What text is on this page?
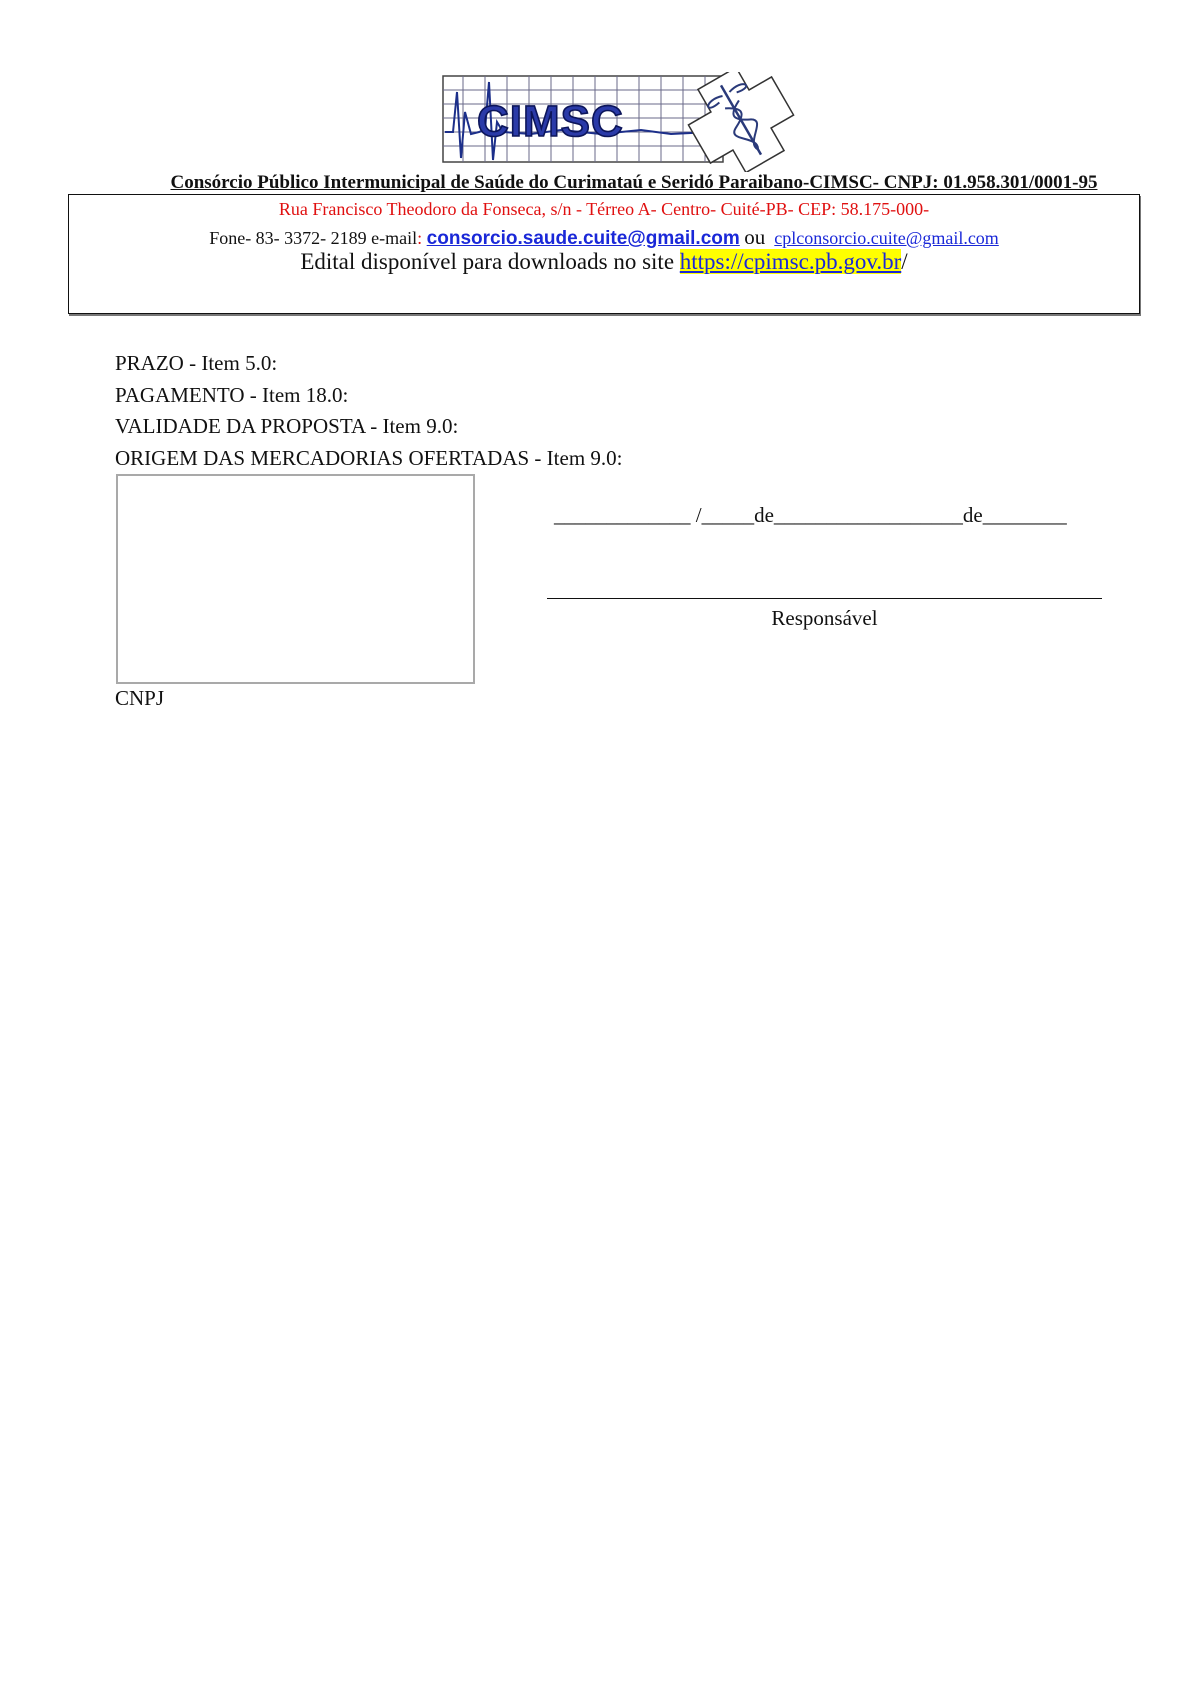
CIMSC
Consórcio Público Intermunicipal de Saúde do Curimataú e Seridó Paraibano-CIMSC- CNPJ: 01.958.301/0001-95
Rua Francisco Theodoro da Fonseca, s/n - Térreo A- Centro- Cuité-PB- CEP: 58.175-000-
Fone- 83- 3372- 2189 e-mail: consorcio.saude.cuite@gmail.com ou cplconsorcio.cuite@gmail.com
Edital disponível para downloads no site https://cpimsc.pb.gov.br/
PRAZO - Item 5.0:
PAGAMENTO - Item 18.0:
VALIDADE DA PROPOSTA - Item 9.0:
ORIGEM DAS MERCADORIAS OFERTADAS - Item 9.0:
_____________ /_____de__________________de________
Responsável
CNPJ
